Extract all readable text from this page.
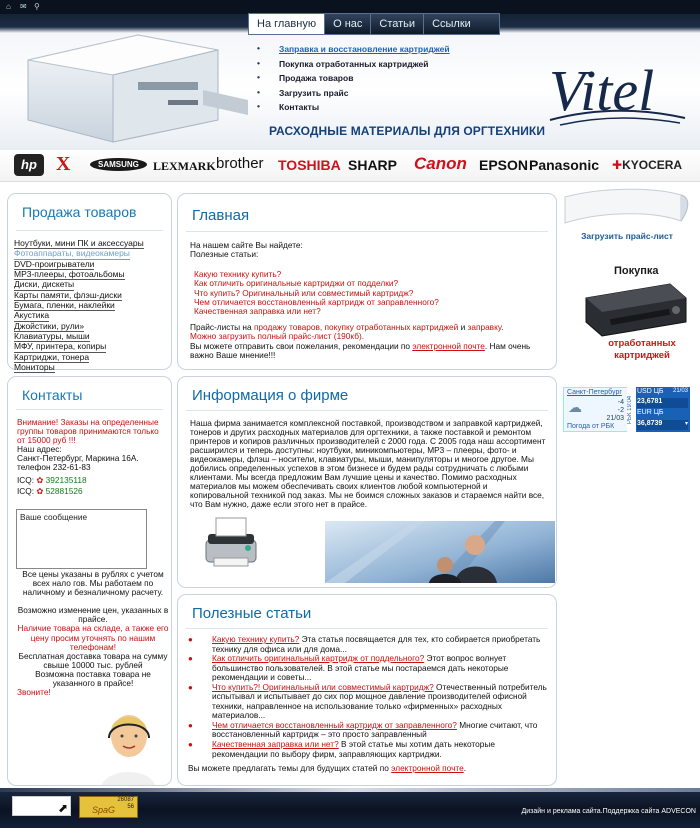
⌂ ✉ ⚲
На главную	О нас	Статьи	Ссылки
• Заправка и восстановление картриджей
• Покупка отработанных картриджей
• Продажа товаров
• Загрузить прайс
• Контакты
РАСХОДНЫЕ МАТЕРИАЛЫ ДЛЯ ОРГТЕХНИКИ
Vitel
hp X	SAMSUNG	LEXMARK brother TOSHIBA SHARP Canon EPSON Panasonic ✚KYOCERA
Продажа товаров
Ноутбуки, мини ПК и аксессуары
Фотоаппараты, видеокамеры
DVD-проигрыватели
MP3-плееры, фотоальбомы
Диски, дискеты
Карты памяти, флэш-диски
Бумага, пленки, наклейки
Акустика
Джойстики, рули»
Клавиатуры, мыши
МФУ, принтера, копиры
Картриджи, тонера
Мониторы
Контакты
Внимание! Заказы на определенные группы товаров принимаются только от 15000 руб !!!
Наш адрес:
Санкт-Петербург, Маркина 16А.
телефон 232-61-83
ICQ: ✿ 392135118
ICQ: ✿ 52881526
Ваше сообщение
Все цены указаны в рублях с учетом всех нало гов. Мы работаем по наличному и безналичному расчету.
Возможно изменение цен, указанных в прайсе.
Наличие товара на складе, а также его цену просим уточнять по нашим телефонам!
Бесплатная доставка товара на сумму свыше 10000 тыс. рублей
Возможна поставка товара не указанного в прайсе!
Звоните!
Главная

На нашем сайте Вы найдете:

Полезные статьи:

Какую технику купить?
Как отличить оригинальные картриджи от подделки?
Что купить? Оригинальный или совместимый картридж?
Чем отличается восстановленный картридж от заправленного?
Качественная заправка или нет?

Прайс-листы на продажу товаров, покупку отработанных картриджей и заправку.

Можно загрузить полный прайс-лист (190кб).

Вы можете отправить свои пожелания, рекомендации по электронной почте. Нам очень важно Ваше мнение!!!

Информация о фирме
Наша фирма занимается комплексной поставкой, производством и заправкой картриджей, тонеров и других расходных материалов для оргтехники, а также поставкой и ремонтом принтеров и копиров различных производителей с 2000 года. С 2005 года наш ассортимент расширился и теперь доступны: ноутбуки, миникомпьютеры, МР3 – плееры, фото- и видеокамеры, флэш – носители, клавиатуры, мыши, манипуляторы и многое другое. Мы добились определенных успехов в этом бизнесе и будем рады сотрудничать с любыми клиентами. Мы всегда предложим Вам лучшие цены и качество. Помимо расходных материалов мы можем обеспечивать своих клиентов любой компьютерной и копировальной техникой под заказ. Мы не боимся сложных заказов и стараемся найти все, что Вам нужно, даже если этого нет в прайсе.
Полезные статьи
● Какую технику купить? Эта статья посвящается для тех, кто собирается приобретать технику для офиса или для дома...
● Как отличить оригинальный картридж от поддельного? Этот вопрос волнует большинство пользователей. В этой статье мы постараемся дать некоторые рекомендации и советы...
● Что купить?! Оригинальный или совместимый картридж? Отечественный потребитель испытывал и испытывает до сих пор мощное давление производителей офисной техники, направленное на использование только «фирменных» расходных материалов...
● Чем отличается восстановленный картридж от заправленного? Многие считают, что восстановленный картридж – это просто заправленный
● Качественная заправка или нет? В этой статье мы хотим дать некоторые рекомендации по выбору фирм, заправляющих картриджи.
Вы можете предлагать темы для будущих статей по электронной почте.
Загрузить прайс-лист
Покупка
отработанных картриджей
Санкт-Петербург
☁	-4
-2
21/03
Погода от РБК
РБК 19:04
USD ЦБ 21/03
23,6781
EUR ЦБ
36,8739	▾
⬈
26087
56
SpaG	Дизайн и реклама сайта.Поддержка сайта ADVECON
